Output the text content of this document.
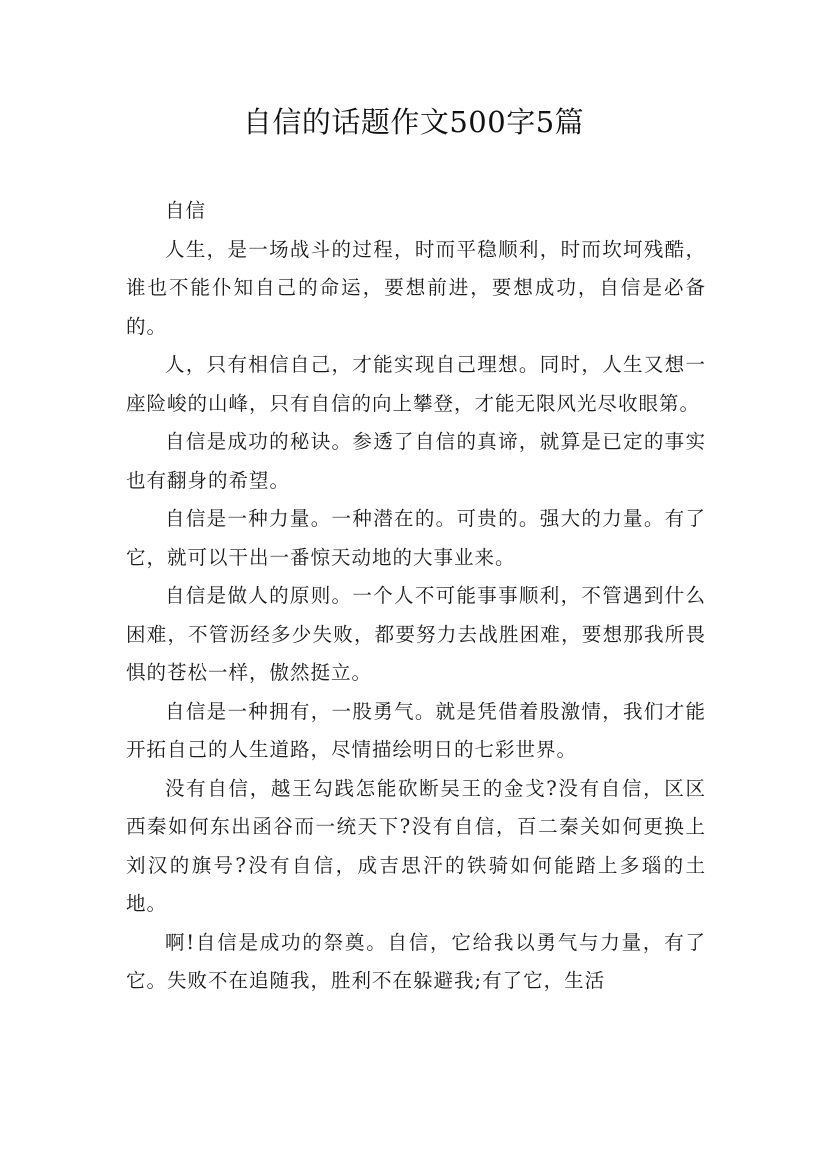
自信的话题作文500字5篇

自信

人生，是一场战斗的过程，时而平稳顺利，时而坎坷残酷，谁也不能仆知自己的命运，要想前进，要想成功，自信是必备的。

人，只有相信自己，才能实现自己理想。同时，人生又想一座险峻的山峰，只有自信的向上攀登，才能无限风光尽收眼第。

自信是成功的秘诀。参透了自信的真谛，就算是已定的事实也有翻身的希望。

自信是一种力量。一种潜在的。可贵的。强大的力量。有了它，就可以干出一番惊天动地的大事业来。

自信是做人的原则。一个人不可能事事顺利，不管遇到什么困难，不管沥经多少失败，都要努力去战胜困难，要想那我所畏惧的苍松一样，傲然挺立。

自信是一种拥有，一股勇气。就是凭借着股激情，我们才能开拓自己的人生道路，尽情描绘明日的七彩世界。

没有自信，越王勾践怎能砍断吴王的金戈?没有自信，区区西秦如何东出函谷而一统天下?没有自信，百二秦关如何更换上刘汉的旗号?没有自信，成吉思汗的铁骑如何能踏上多瑙的土地。

啊!自信是成功的祭奠。自信，它给我以勇气与力量，有了它。失败不在追随我，胜利不在躲避我;有了它，生活
